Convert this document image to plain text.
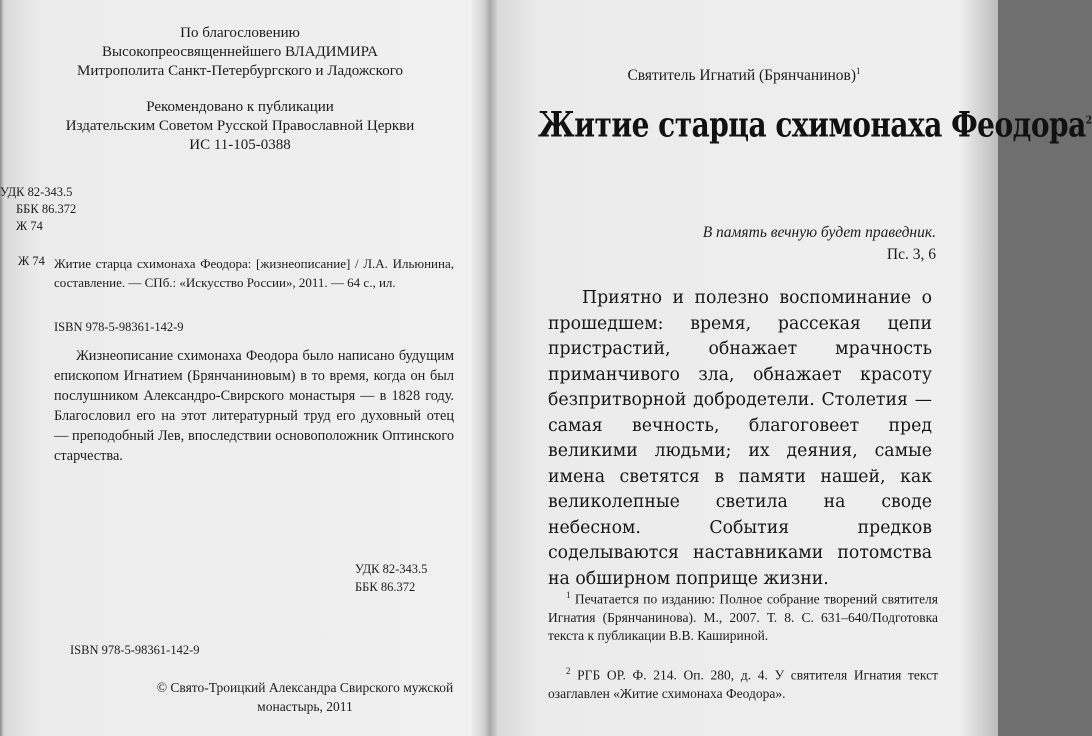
По благословению
Высокопреосвященнейшего ВЛАДИМИРА
Митрополита Санкт-Петербургского и Ладожского
Рекомендовано к публикации
Издательским Советом Русской Православной Церкви
ИС 11-105-0388
УДК 82-343.5
ББК 86.372
Ж 74
Ж 74 Житие старца схимонаха Феодора: [жизнеописание] / Л.А. Ильюнина, составление. — СПб.: «Искусство России», 2011. — 64 с., ил.
ISBN 978-5-98361-142-9
Жизнеописание схимонаха Феодора было написано будущим епископом Игнатием (Брянчаниновым) в то время, когда он был послушником Александро-Свирского монастыря — в 1828 году. Благословил его на этот литературный труд его духовный отец — преподобный Лев, впоследствии основоположник Оптинского старчества.
УДК 82-343.5
ББК 86.372
ISBN 978-5-98361-142-9
© Свято-Троицкий Александра Свирского мужской монастырь, 2011
Святитель Игнатий (Брянчанинов)$^1$
Житие старца схимонаха Феодора$^2$
В память вечную будет праведник.
Пс. 3, 6
Приятно и полезно воспоминание о прошедшем: время, рассекая цепи пристрастий, обнажает мрачность приманчивого зла, обнажает красоту безпритворной добродетели. Столетия — самая вечность, благоговеет пред великими людьми; их деяния, самые имена светятся в памяти нашей, как великолепные светила на своде небесном. События предков соделываются наставниками потомства на обширном поприще жизни.
$^1$ Печатается по изданию: Полное собрание творений святителя Игнатия (Брянчанинова). М., 2007. Т. 8. С. 631–640/Подготовка текста к публикации В.В. Кашириной.
$^2$ РГБ ОР. Ф. 214. Оп. 280, д. 4. У святителя Игнатия текст озаглавлен «Житие схимонаха Феодора».
